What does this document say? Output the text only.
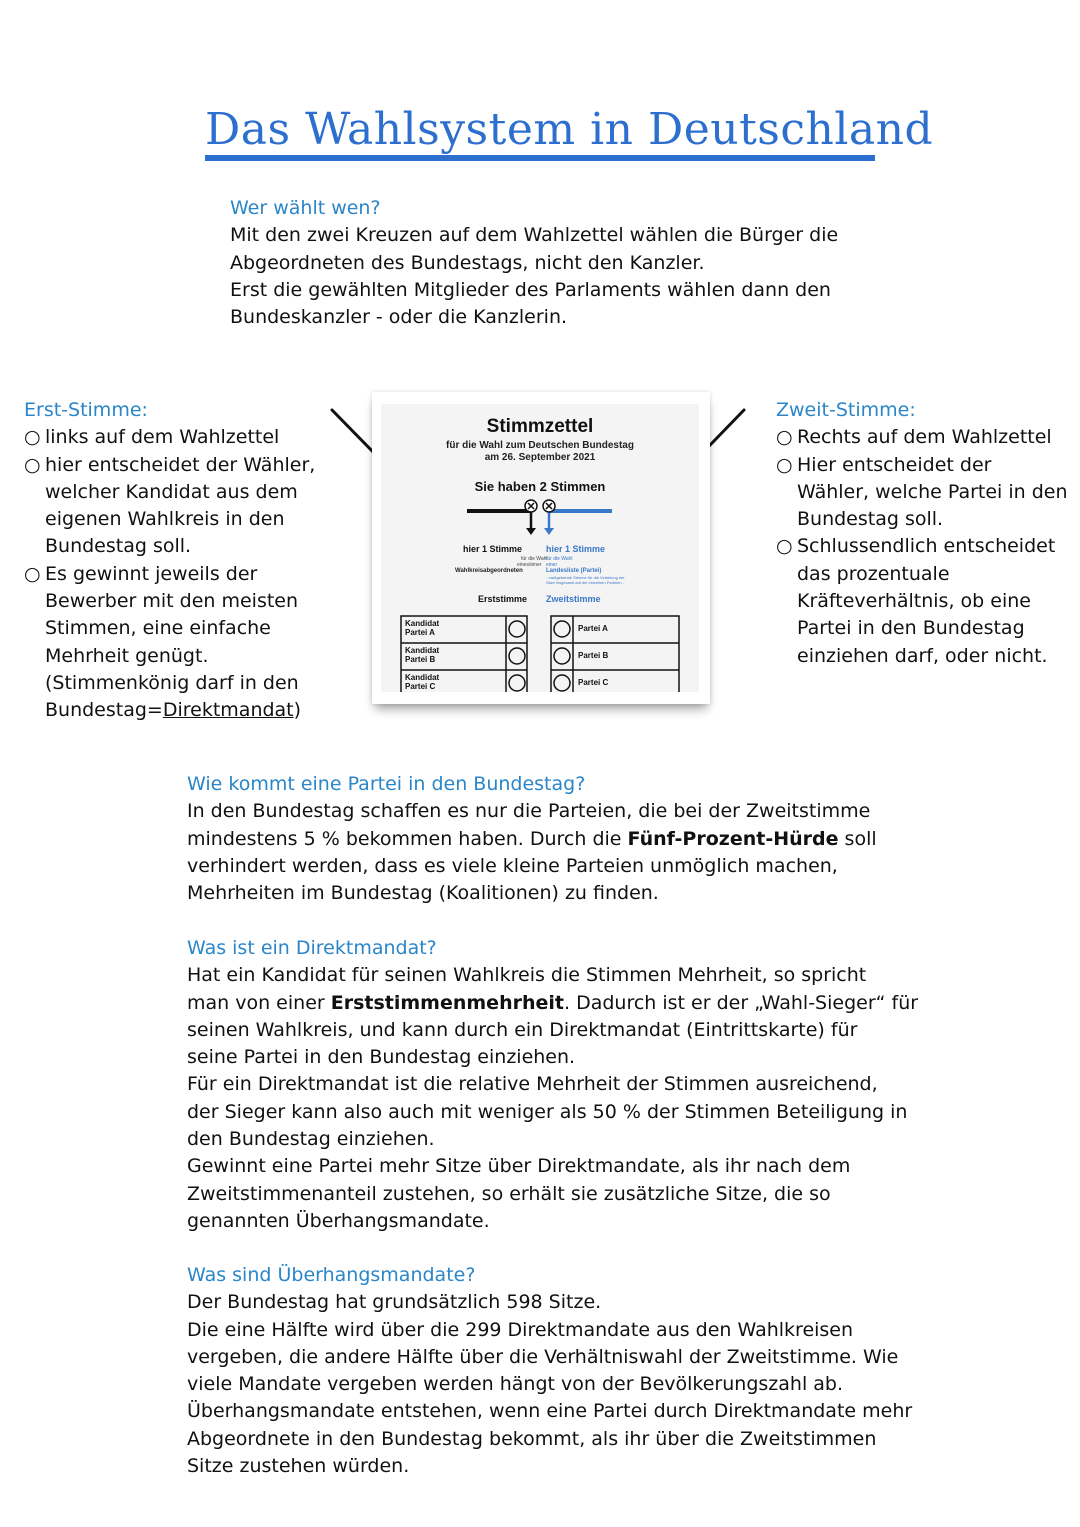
Das Wahlsystem in Deutschland

Wer wählt wen?

Mit den zwei Kreuzen auf dem Wahlzettel wählen die Bürger die

Abgeordneten des Bundestags, nicht den Kanzler.

Erst die gewählten Mitglieder des Parlaments wählen dann den

Bundeskanzler - oder die Kanzlerin.

Erst-Stimme:

○ links auf dem Wahlzettel
○ hier entscheidet der Wähler,
welcher Kandidat aus dem
eigenen Wahlkreis in den
Bundestag soll.
○ Es gewinnt jeweils der
Bewerber mit den meisten
Stimmen, eine einfache
Mehrheit genügt.
(Stimmenkönig darf in den
Bundestag=Direktmandat)

Zweit-Stimme:

○ Rechts auf dem Wahlzettel
○ Hier entscheidet der
Wähler, welche Partei in den
Bundestag soll.
○ Schlussendlich entscheidet
das prozentuale
Kräfteverhältnis, ob eine
Partei in den Bundestag
einziehen darf, oder nicht.
Stimmzettel
für die Wahl zum Deutschen Bundestag
am 26. September 2021
Sie haben 2 Stimmen
hier 1 Stimme
für die Wahl
eines/einer
Wahlkreisabgeordneten
hier 1 Stimme
für die Wahl
einer
Landesliste (Partei)
- maßgebende Stimme für die Verteilung der
Sitze insgesamt auf die einzelnen Parteien -
Erststimme Zweitstimme
Kandidat
Partei A
Kandidat
Partei B
Kandidat
Partei C
Partei A
Partei B
Partei C

Wie kommt eine Partei in den Bundestag?

In den Bundestag schaffen es nur die Parteien, die bei der Zweitstimme

mindestens 5 % bekommen haben. Durch die Fünf-Prozent-Hürde soll

verhindert werden, dass es viele kleine Parteien unmöglich machen,

Mehrheiten im Bundestag (Koalitionen) zu finden.

Was ist ein Direktmandat?

Hat ein Kandidat für seinen Wahlkreis die Stimmen Mehrheit, so spricht

man von einer Erststimmenmehrheit. Dadurch ist er der „Wahl-Sieger“ für

seinen Wahlkreis, und kann durch ein Direktmandat (Eintrittskarte) für

seine Partei in den Bundestag einziehen.

Für ein Direktmandat ist die relative Mehrheit der Stimmen ausreichend,

der Sieger kann also auch mit weniger als 50 % der Stimmen Beteiligung in

den Bundestag einziehen.

Gewinnt eine Partei mehr Sitze über Direktmandate, als ihr nach dem

Zweitstimmenanteil zustehen, so erhält sie zusätzliche Sitze, die so

genannten Überhangsmandate.

Was sind Überhangsmandate?

Der Bundestag hat grundsätzlich 598 Sitze.

Die eine Hälfte wird über die 299 Direktmandate aus den Wahlkreisen

vergeben, die andere Hälfte über die Verhältniswahl der Zweitstimme. Wie

viele Mandate vergeben werden hängt von der Bevölkerungszahl ab.

Überhangsmandate entstehen, wenn eine Partei durch Direktmandate mehr

Abgeordnete in den Bundestag bekommt, als ihr über die Zweitstimmen

Sitze zustehen würden.
